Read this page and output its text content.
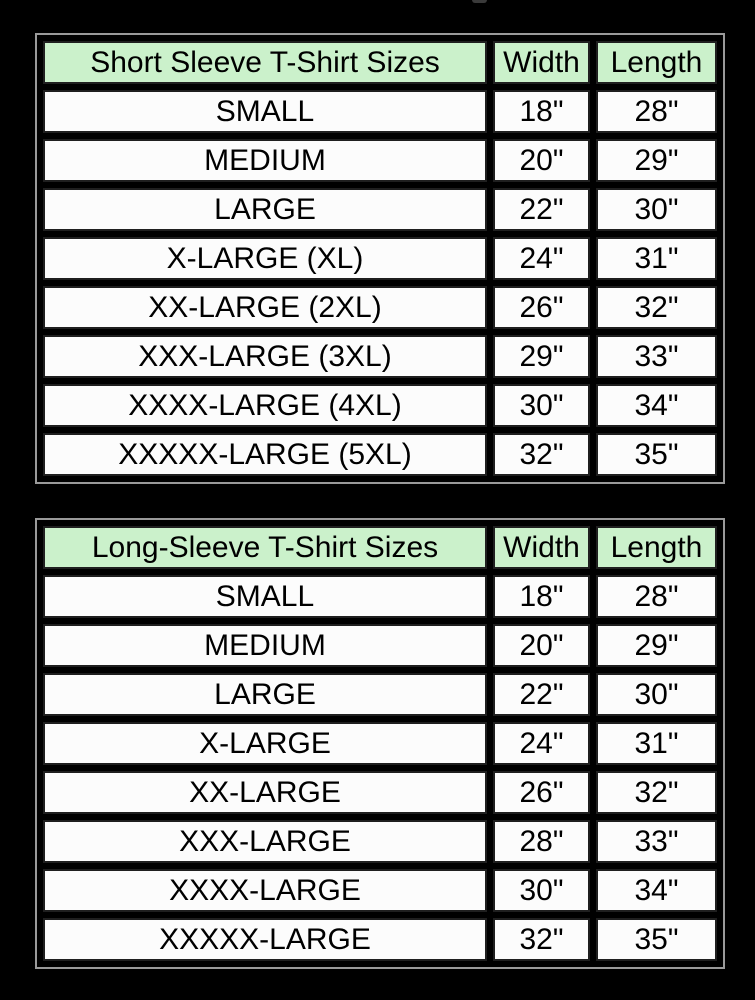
Short Sleeve T-Shirt Sizes	Width	Length
SMALL	18"	28"
MEDIUM	20"	29"
LARGE	22"	30"
X-LARGE (XL)	24"	31"
XX-LARGE (2XL)	26"	32"
XXX-LARGE (3XL)	29"	33"
XXXX-LARGE (4XL)	30"	34"
XXXXX-LARGE (5XL)	32"	35"
Long-Sleeve T-Shirt Sizes	Width	Length
SMALL	18"	28"
MEDIUM	20"	29"
LARGE	22"	30"
X-LARGE	24"	31"
XX-LARGE	26"	32"
XXX-LARGE	28"	33"
XXXX-LARGE	30"	34"
XXXXX-LARGE	32"	35"
